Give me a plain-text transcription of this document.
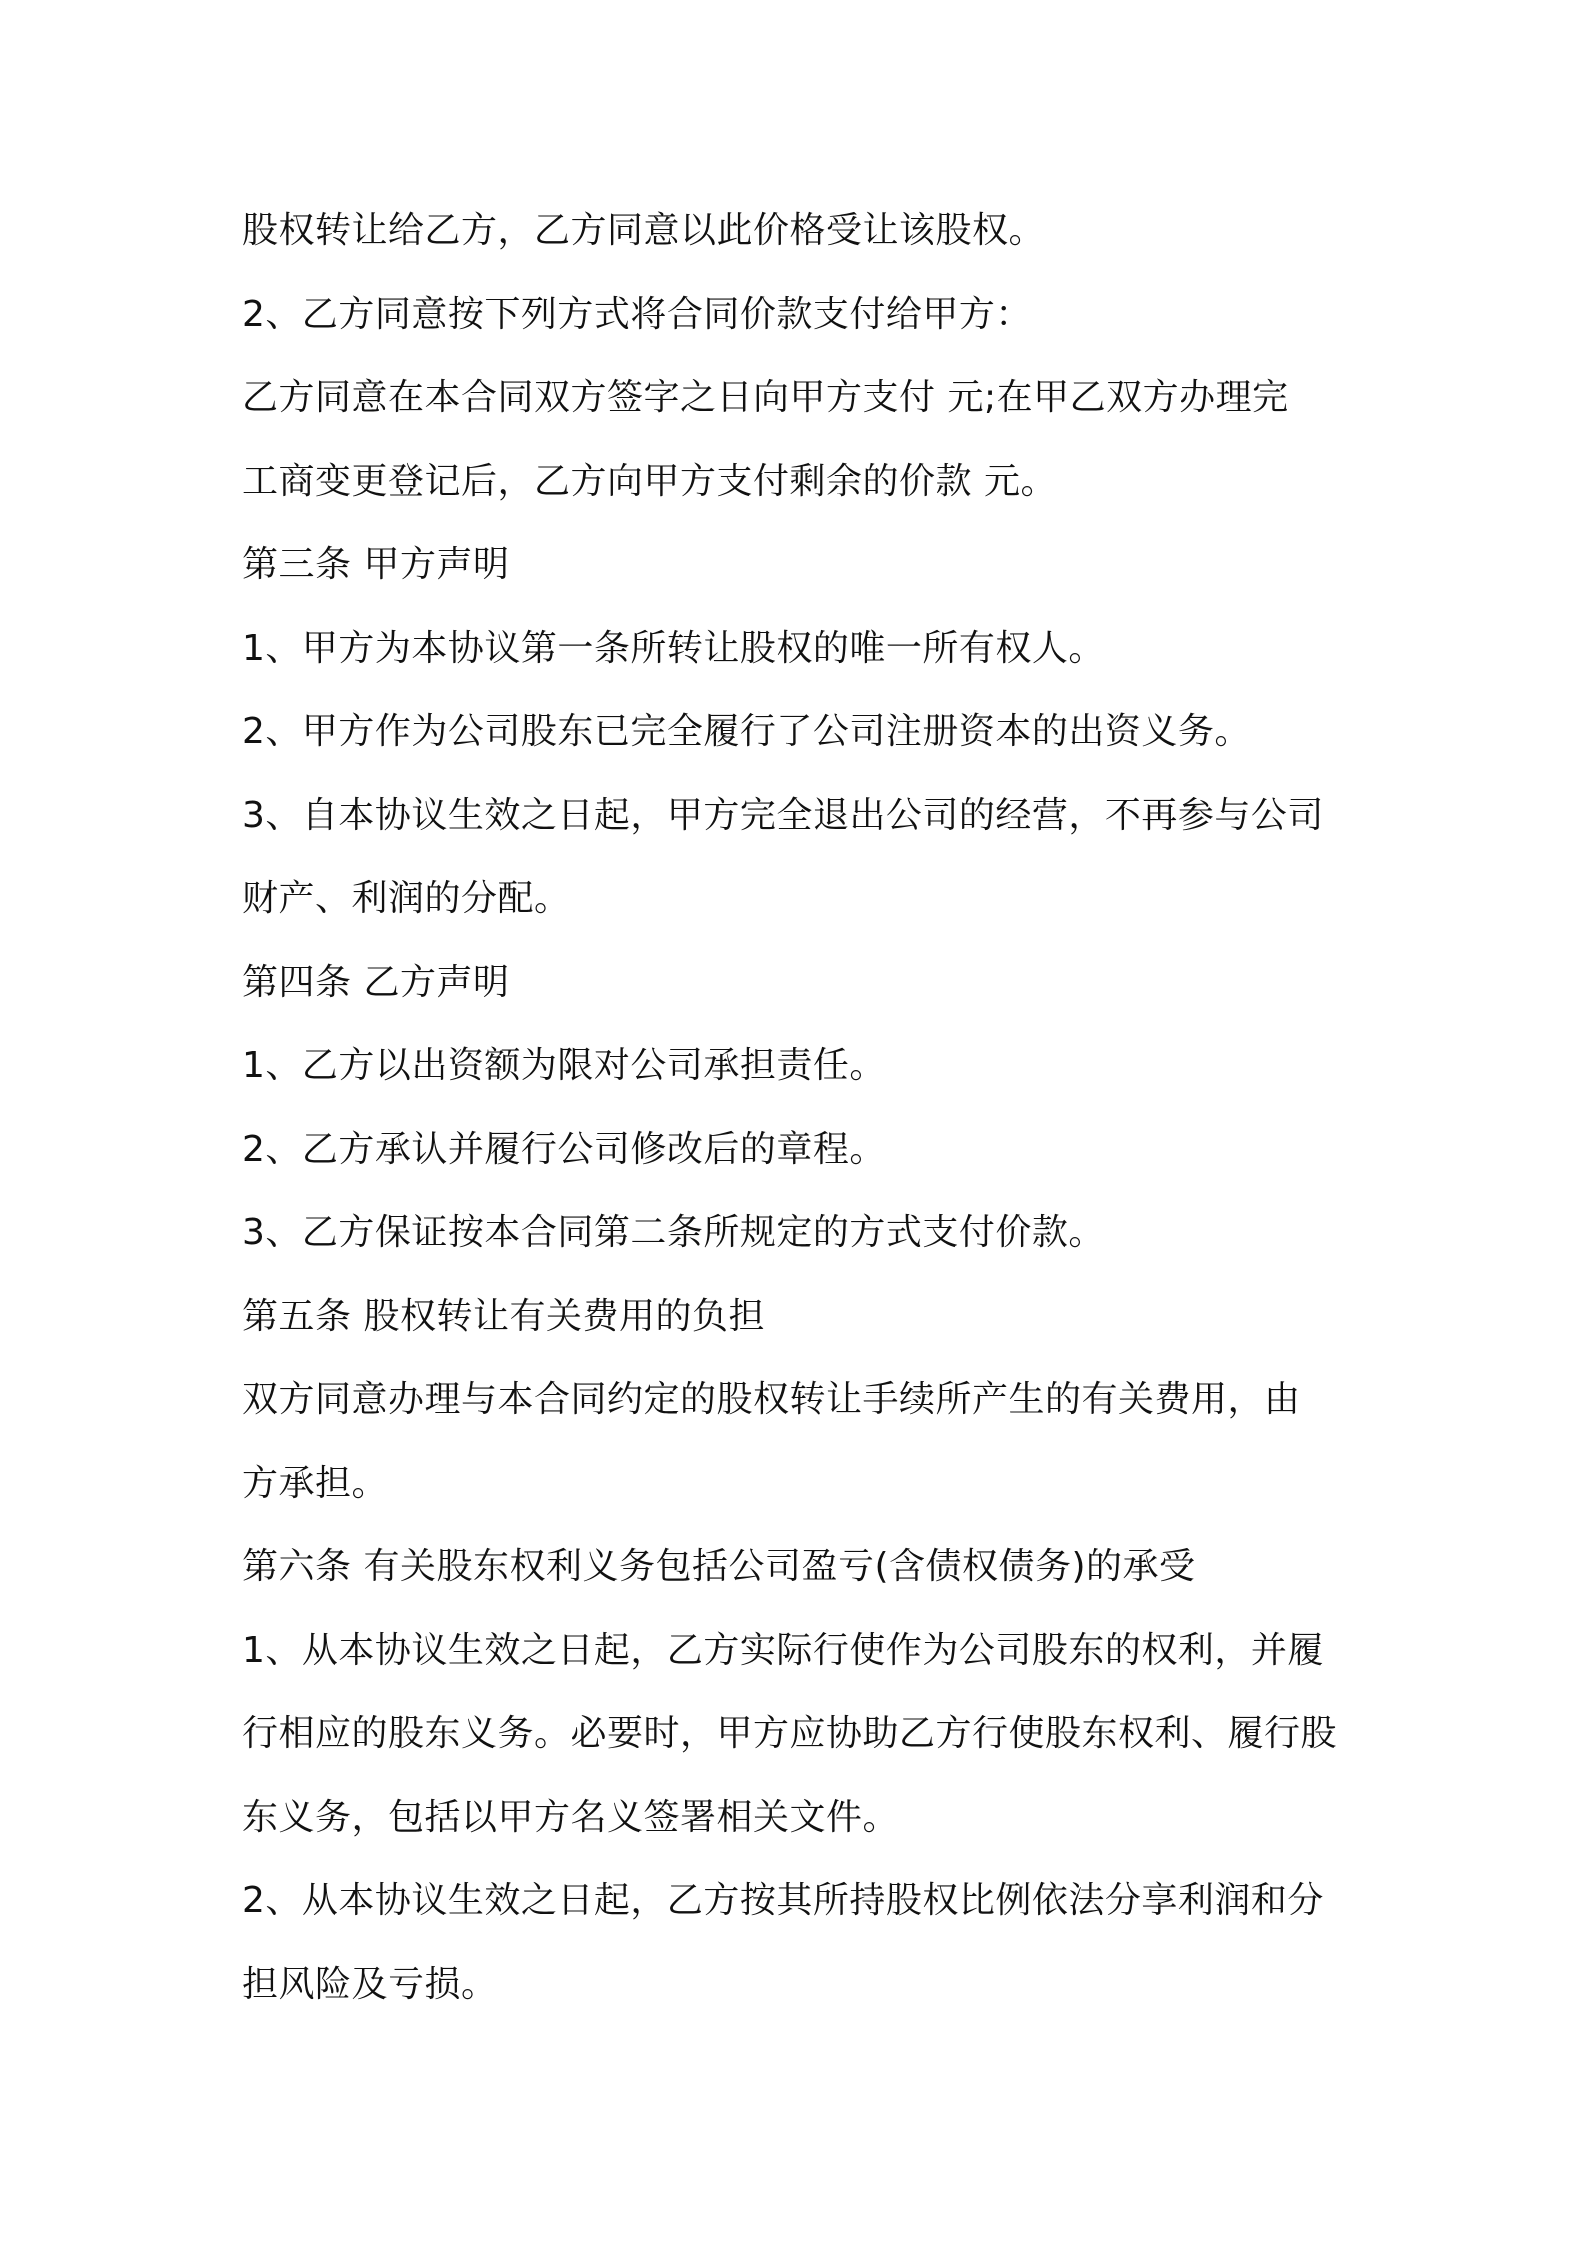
股权转让给乙方，乙方同意以此价格受让该股权。
2、乙方同意按下列方式将合同价款支付给甲方：
乙方同意在本合同双方签字之日向甲方支付 元;在甲乙双方办理完
工商变更登记后，乙方向甲方支付剩余的价款 元。
第三条 甲方声明
1、甲方为本协议第一条所转让股权的唯一所有权人。
2、甲方作为公司股东已完全履行了公司注册资本的出资义务。
3、自本协议生效之日起，甲方完全退出公司的经营，不再参与公司
财产、利润的分配。
第四条 乙方声明
1、乙方以出资额为限对公司承担责任。
2、乙方承认并履行公司修改后的章程。
3、乙方保证按本合同第二条所规定的方式支付价款。
第五条 股权转让有关费用的负担
双方同意办理与本合同约定的股权转让手续所产生的有关费用，由
方承担。
第六条 有关股东权利义务包括公司盈亏(含债权债务)的承受
1、从本协议生效之日起，乙方实际行使作为公司股东的权利，并履
行相应的股东义务。必要时，甲方应协助乙方行使股东权利、履行股
东义务，包括以甲方名义签署相关文件。
2、从本协议生效之日起，乙方按其所持股权比例依法分享利润和分
担风险及亏损。
